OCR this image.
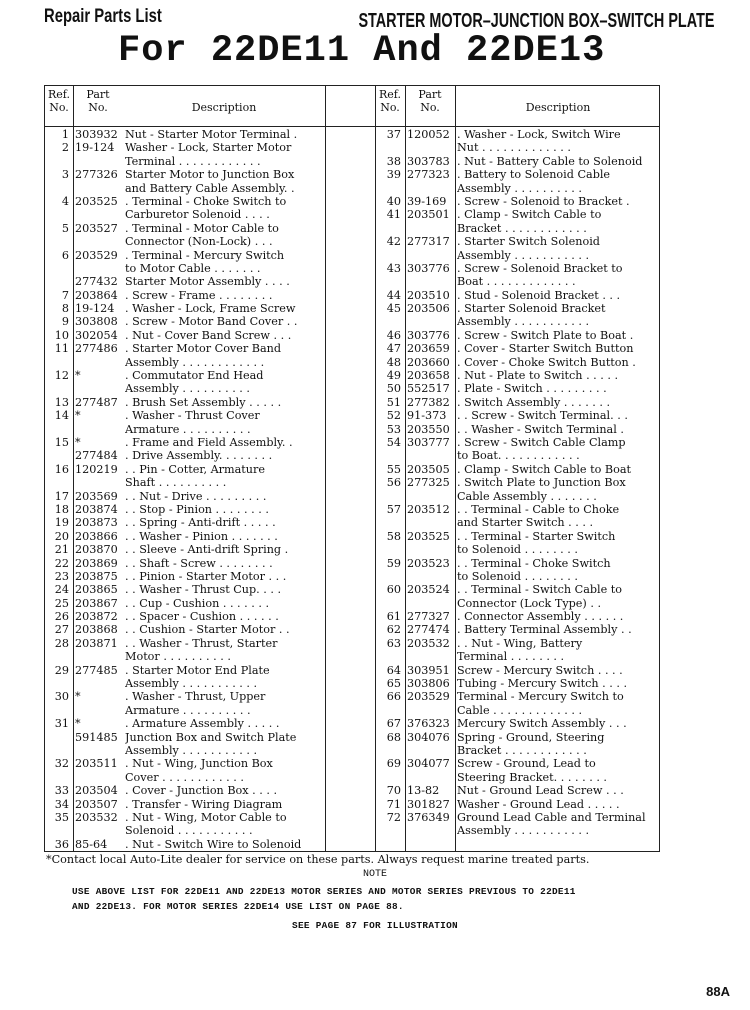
Repair Parts List	STARTER MOTOR–JUNCTION BOX–SWITCH PLATE
For 22DE11 And 22DE13
Ref.
No.
Part
No.	Description
Ref.
No.
Part
No.	Description
1 303932 Nut - Starter Motor Terminal .
2 19-124 Washer - Lock, Starter Motor
Terminal . . . . . . . . . . . .
3 277326 Starter Motor to Junction Box
and Battery Cable Assembly. .
4 203525 . Terminal - Choke Switch to
Carburetor Solenoid . . . .
5 203527 . Terminal - Motor Cable to
Connector (Non-Lock) . . .
6 203529 . Terminal - Mercury Switch
to Motor Cable . . . . . . .
277432 Starter Motor Assembly . . . .
7 203864 . Screw - Frame . . . . . . . .
8 19-124 . Washer - Lock, Frame Screw
9 303808 . Screw - Motor Band Cover . .
10 302054 . Nut - Cover Band Screw . . .
11 277486 . Starter Motor Cover Band
Assembly . . . . . . . . . . . .
12 *	. Commutator End Head
Assembly . . . . . . . . . .
13 277487 . Brush Set Assembly . . . . .
14 *	. Washer - Thrust Cover
Armature . . . . . . . . . .
15 *	. Frame and Field Assembly. .
277484 . Drive Assembly. . . . . . . .
16 120219 . . Pin - Cotter, Armature
Shaft . . . . . . . . . .
17 203569 . . Nut - Drive . . . . . . . . .
18 203874 . . Stop - Pinion . . . . . . . .
19 203873 . . Spring - Anti-drift . . . . .
20 203866 . . Washer - Pinion . . . . . . .
21 203870 . . Sleeve - Anti-drift Spring .
22 203869 . . Shaft - Screw . . . . . . . .
23 203875 . . Pinion - Starter Motor . . .
24 203865 . . Washer - Thrust Cup. . . .
25 203867 . . Cup - Cushion . . . . . . .
26 203872 . . Spacer - Cushion . . . . . .
27 203868 . . Cushion - Starter Motor . .
28 203871 . . Washer - Thrust, Starter
Motor . . . . . . . . . .
29 277485 . Starter Motor End Plate
Assembly . . . . . . . . . . .
30 *	. Washer - Thrust, Upper
Armature . . . . . . . . . .
31 *	. Armature Assembly . . . . .
591485 Junction Box and Switch Plate
Assembly . . . . . . . . . . .
32 203511 . Nut - Wing, Junction Box
Cover . . . . . . . . . . . .
33 203504 . Cover - Junction Box . . . .
34 203507 . Transfer - Wiring Diagram
35 203532 . Nut - Wing, Motor Cable to
Solenoid . . . . . . . . . . .
36 85-64	. Nut - Switch Wire to Solenoid
37 120052 . Washer - Lock, Switch Wire
Nut . . . . . . . . . . . . .
38 303783 . Nut - Battery Cable to Solenoid
39 277323 . Battery to Solenoid Cable
Assembly . . . . . . . . . .
40 39-169 . Screw - Solenoid to Bracket .
41 203501 . Clamp - Switch Cable to
Bracket . . . . . . . . . . . .
42 277317 . Starter Switch Solenoid
Assembly . . . . . . . . . . .
43 303776 . Screw - Solenoid Bracket to
Boat . . . . . . . . . . . . .
44 203510 . Stud - Solenoid Bracket . . .
45 203506 . Starter Solenoid Bracket
Assembly . . . . . . . . . . .
46 303776 . Screw - Switch Plate to Boat .
47 203659 . Cover - Starter Switch Button
48 203660 . Cover - Choke Switch Button .
49 203658 . Nut - Plate to Switch . . . . .
50 552517 . Plate - Switch . . . . . . . . .
51 277382 . Switch Assembly . . . . . . .
52 91-373 . . Screw - Switch Terminal. . .
53 203550 . . Washer - Switch Terminal .
54 303777 . Screw - Switch Cable Clamp
to Boat. . . . . . . . . . . .
55 203505 . Clamp - Switch Cable to Boat
56 277325 . Switch Plate to Junction Box
Cable Assembly . . . . . . .
57 203512 . . Terminal - Cable to Choke
and Starter Switch . . . .
58 203525 . . Terminal - Starter Switch
to Solenoid . . . . . . . .
59 203523 . . Terminal - Choke Switch
to Solenoid . . . . . . . .
60 203524 . . Terminal - Switch Cable to
Connector (Lock Type) . .
61 277327 . Connector Assembly . . . . . .
62 277474 . Battery Terminal Assembly . .
63 203532 . . Nut - Wing, Battery
Terminal . . . . . . . .
64 303951 Screw - Mercury Switch . . . .
65 303806 Tubing - Mercury Switch . . . .
66 203529 Terminal - Mercury Switch to
Cable . . . . . . . . . . . . .
67 376323 Mercury Switch Assembly . . .
68 304076 Spring - Ground, Steering
Bracket . . . . . . . . . . . .
69 304077 Screw - Ground, Lead to
Steering Bracket. . . . . . . .
70 13-82	Nut - Ground Lead Screw . . .
71 301827 Washer - Ground Lead . . . . .
72 376349 Ground Lead Cable and Terminal
Assembly . . . . . . . . . . .
*Contact local Auto-Lite dealer for service on these parts. Always request marine treated parts.
NOTE
USE ABOVE LIST FOR 22DE11 AND 22DE13 MOTOR SERIES AND MOTOR SERIES PREVIOUS TO 22DE11
AND 22DE13. FOR MOTOR SERIES 22DE14 USE LIST ON PAGE 88.
SEE PAGE 87 FOR ILLUSTRATION
88A
